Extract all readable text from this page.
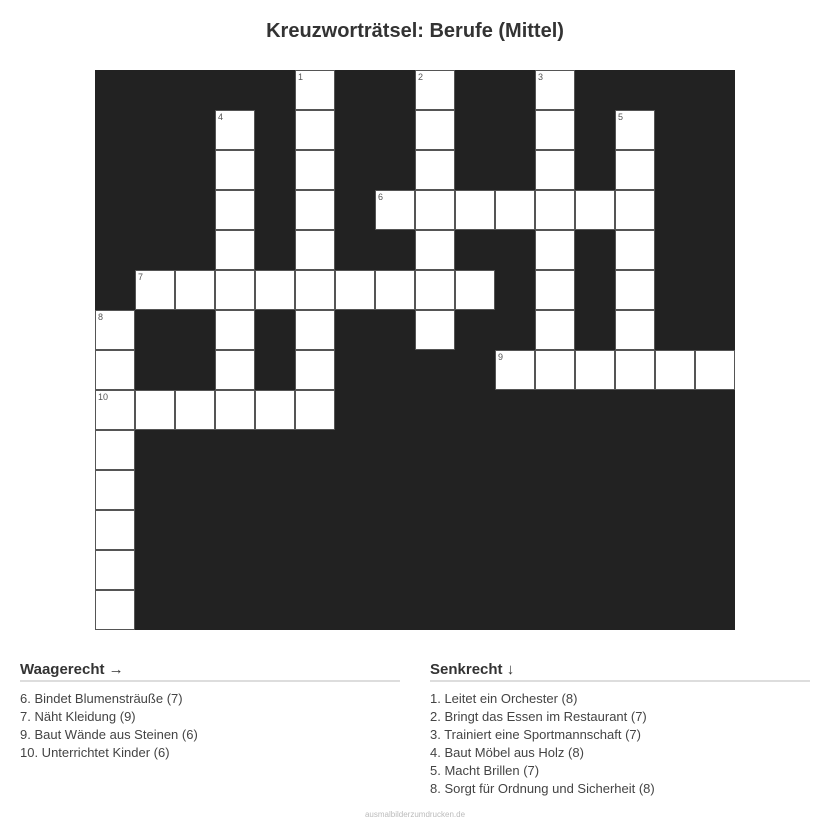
Kreuzworträtsel: Berufe (Mittel)
1	2	3
4	5
6
7
8
10
9
Waagerecht →
6. Bindet Blumensträuße (7)
7. Näht Kleidung (9)
9. Baut Wände aus Steinen (6)
10. Unterrichtet Kinder (6)
Senkrecht ↓
1. Leitet ein Orchester (8)
2. Bringt das Essen im Restaurant (7)
3. Trainiert eine Sportmannschaft (7)
4. Baut Möbel aus Holz (8)
5. Macht Brillen (7)
8. Sorgt für Ordnung und Sicherheit (8)
ausmalbilderzumdrucken.de
